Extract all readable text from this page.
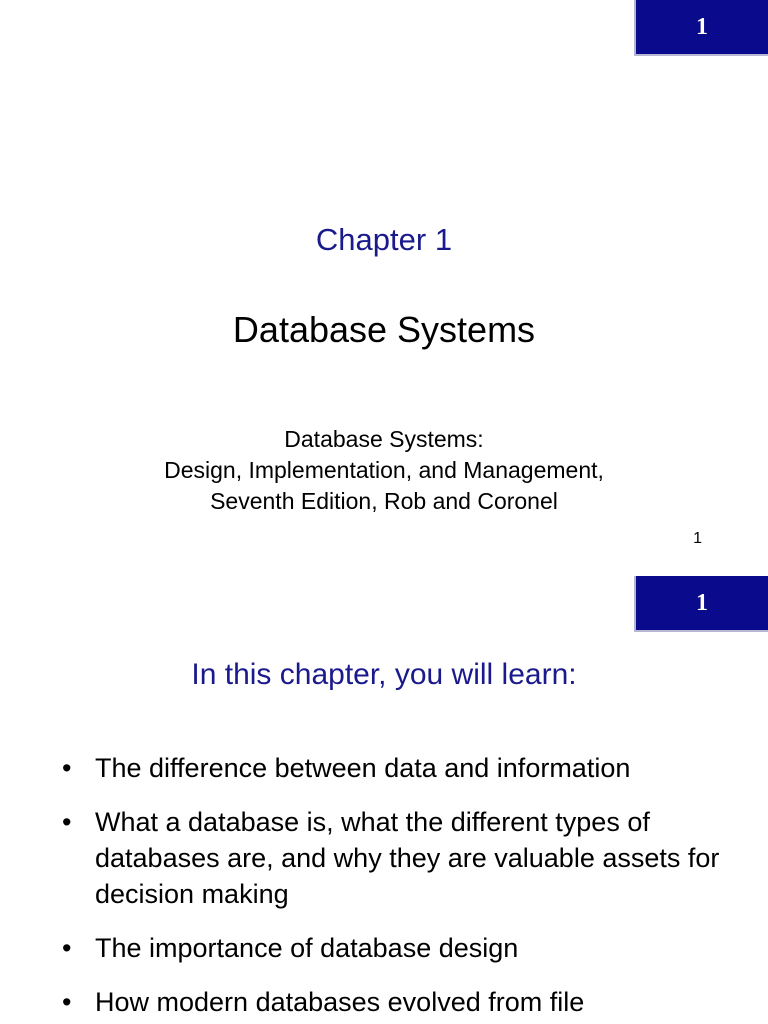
1
Chapter 1
Database Systems
Database Systems:
Design, Implementation, and Management,
Seventh Edition, Rob and Coronel
1
1
In this chapter, you will learn:
• The difference between data and information
• What a database is, what the different types of databases are, and why they are valuable assets for decision making
• The importance of database design
• How modern databases evolved from file
